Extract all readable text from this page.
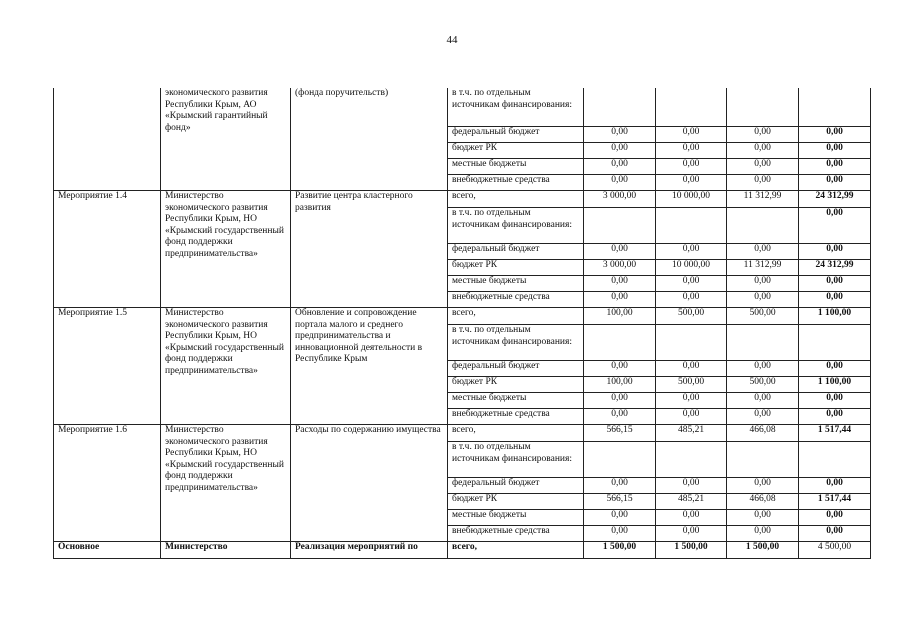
44
	экономического развития Республики Крым, АО «Крымский гарантийный фонд»	(фонда поручительств)	в т.ч. по отдельным источникам финансирования:				
			федеральный бюджет	0,00	0,00	0,00	0,00
			бюджет РК	0,00	0,00	0,00	0,00
			местные бюджеты	0,00	0,00	0,00	0,00
			внебюджетные средства	0,00	0,00	0,00	0,00
Мероприятие 1.4	Министерство экономического развития Республики Крым, НО «Крымский государственный фонд поддержки предпринимательства»	Развитие центра кластерного развития	всего,	3 000,00	10 000,00	11 312,99	24 312,99
			в т.ч. по отдельным источникам финансирования:				0,00
			федеральный бюджет	0,00	0,00	0,00	0,00
			бюджет РК	3 000,00	10 000,00	11 312,99	24 312,99
			местные бюджеты	0,00	0,00	0,00	0,00
			внебюджетные средства	0,00	0,00	0,00	0,00
Мероприятие 1.5	Министерство экономического развития Республики Крым, НО «Крымский государственный фонд поддержки предпринимательства»	Обновление и сопровождение портала малого и среднего предпринимательства и инновационной деятельности в Республике Крым	всего,	100,00	500,00	500,00	1 100,00
			в т.ч. по отдельным источникам финансирования:				
			федеральный бюджет	0,00	0,00	0,00	0,00
			бюджет РК	100,00	500,00	500,00	1 100,00
			местные бюджеты	0,00	0,00	0,00	0,00
			внебюджетные средства	0,00	0,00	0,00	0,00
Мероприятие 1.6	Министерство экономического развития Республики Крым, НО «Крымский государственный фонд поддержки предпринимательства»	Расходы по содержанию имущества	всего,	566,15	485,21	466,08	1 517,44
			в т.ч. по отдельным источникам финансирования:				
			федеральный бюджет	0,00	0,00	0,00	0,00
			бюджет РК	566,15	485,21	466,08	1 517,44
			местные бюджеты	0,00	0,00	0,00	0,00
			внебюджетные средства	0,00	0,00	0,00	0,00
Основное	Министерство	Реализация мероприятий по	всего,	1 500,00	1 500,00	1 500,00	4 500,00
